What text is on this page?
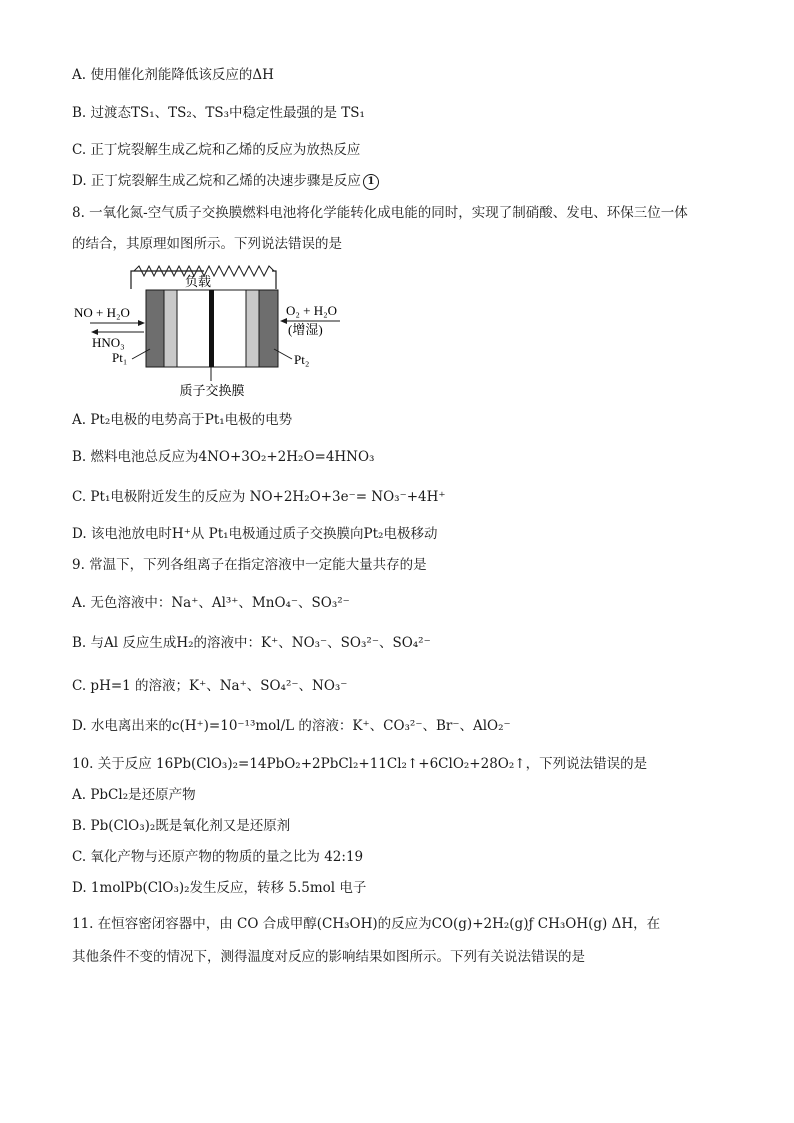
A. 使用催化剂能降低该反应的ΔH
B. 过渡态TS₁、TS₂、TS₃中稳定性最强的是 TS₁
C. 正丁烷裂解生成乙烷和乙烯的反应为放热反应
D. 正丁烷裂解生成乙烷和乙烯的决速步骤是反应 1
8. 一氧化氮-空气质子交换膜燃料电池将化学能转化成电能的同时，实现了制硝酸、发电、环保三位一体
的结合，其原理如图所示。下列说法错误的是
负载
NO + H₂O
HNO₃
Pt₁
O₂ + H₂O
(增湿)
Pt₂
质子交换膜
A. Pt₂电极的电势高于Pt₁电极的电势
B. 燃料电池总反应为4NO+3O₂+2H₂O=4HNO₃
C. Pt₁电极附近发生的反应为 NO+2H₂O+3e⁻= NO₃⁻+4H⁺
D. 该电池放电时H⁺从 Pt₁电极通过质子交换膜向Pt₂电极移动
9. 常温下，下列各组离子在指定溶液中一定能大量共存的是
A. 无色溶液中：Na⁺、Al³⁺、MnO₄⁻、SO₃²⁻
B. 与Al 反应生成H₂的溶液中：K⁺、NO₃⁻、SO₃²⁻、SO₄²⁻
C. pH=1 的溶液；K⁺、Na⁺、SO₄²⁻、NO₃⁻
D. 水电离出来的c(H⁺)=10⁻¹³mol/L 的溶液：K⁺、CO₃²⁻、Br⁻、AlO₂⁻
10. 关于反应 16Pb(ClO₃)₂=14PbO₂+2PbCl₂+11Cl₂↑+6ClO₂+28O₂↑，下列说法错误的是
A. PbCl₂是还原产物
B. Pb(ClO₃)₂既是氧化剂又是还原剂
C. 氧化产物与还原产物的物质的量之比为 42:19
D. 1molPb(ClO₃)₂发生反应，转移 5.5mol 电子
11. 在恒容密闭容器中，由 CO 合成甲醇(CH₃OH)的反应为CO(g)+2H₂(g)ƒ CH₃OH(g) ΔH，在
其他条件不变的情况下，测得温度对反应的影响结果如图所示。下列有关说法错误的是
